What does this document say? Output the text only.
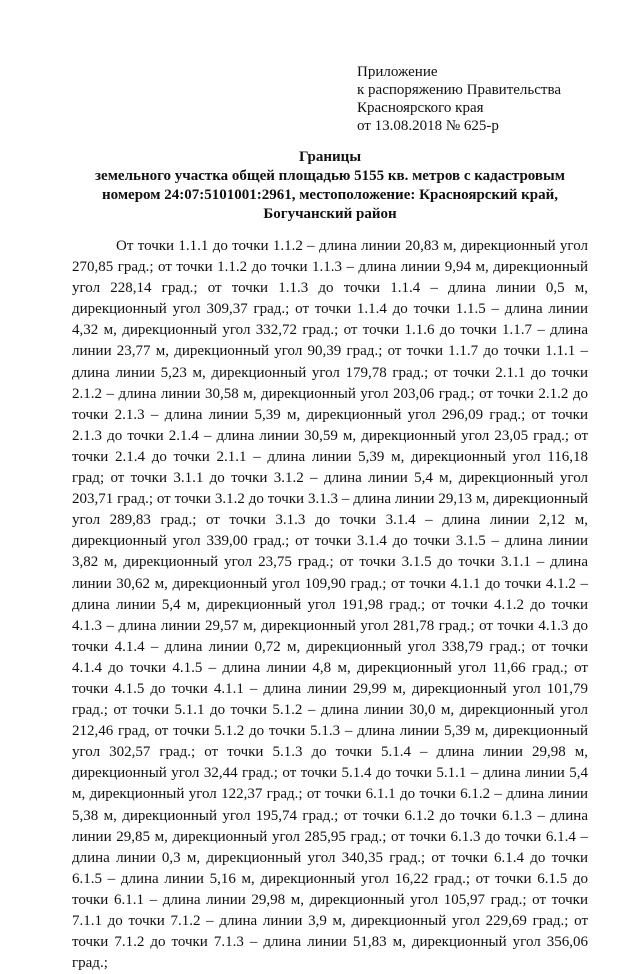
Приложение
к распоряжению Правительства
Красноярского края
от 13.08.2018 № 625-р
Границы
земельного участка общей площадью 5155 кв. метров с кадастровым
номером 24:07:5101001:2961, местоположение: Красноярский край,
Богучанский район
От точки 1.1.1 до точки 1.1.2 – длина линии 20,83 м, дирекционный угол 270,85 град.; от точки 1.1.2 до точки 1.1.3 – длина линии 9,94 м, дирекционный угол 228,14 град.; от точки 1.1.3 до точки 1.1.4 – длина линии 0,5 м, дирекционный угол 309,37 град.; от точки 1.1.4 до точки 1.1.5 – длина линии 4,32 м, дирекционный угол 332,72 град.; от точки 1.1.6 до точки 1.1.7 – длина линии 23,77 м, дирекционный угол 90,39 град.; от точки 1.1.7 до точки 1.1.1 – длина линии 5,23 м, дирекционный угол 179,78 град.; от точки 2.1.1 до точки 2.1.2 – длина линии 30,58 м, дирекционный угол 203,06 град.; от точки 2.1.2 до точки 2.1.3 – длина линии 5,39 м, дирекционный угол 296,09 град.; от точки 2.1.3 до точки 2.1.4 – длина линии 30,59 м, дирекционный угол 23,05 град.; от точки 2.1.4 до точки 2.1.1 – длина линии 5,39 м, дирекционный угол 116,18 град; от точки 3.1.1 до точки 3.1.2 – длина линии 5,4 м, дирекционный угол 203,71 град.; от точки 3.1.2 до точки 3.1.3 – длина линии 29,13 м, дирекционный угол 289,83 град.; от точки 3.1.3 до точки 3.1.4 – длина линии 2,12 м, дирекционный угол 339,00 град.; от точки 3.1.4 до точки 3.1.5 – длина линии 3,82 м, дирекционный угол 23,75 град.; от точки 3.1.5 до точки 3.1.1 – длина линии 30,62 м, дирекционный угол 109,90 град.; от точки 4.1.1 до точки 4.1.2 – длина линии 5,4 м, дирекционный угол 191,98 град.; от точки 4.1.2 до точки 4.1.3 – длина линии 29,57 м, дирекционный угол 281,78 град.; от точки 4.1.3 до точки 4.1.4 – длина линии 0,72 м, дирекционный угол 338,79 град.; от точки 4.1.4 до точки 4.1.5 – длина линии 4,8 м, дирекционный угол 11,66 град.; от точки 4.1.5 до точки 4.1.1 – длина линии 29,99 м, дирекционный угол 101,79 град.; от точки 5.1.1 до точки 5.1.2 – длина линии 30,0 м, дирекционный угол 212,46 град, от точки 5.1.2 до точки 5.1.3 – длина линии 5,39 м, дирекционный угол 302,57 град.; от точки 5.1.3 до точки 5.1.4 – длина линии 29,98 м, дирекционный угол 32,44 град.; от точки 5.1.4 до точки 5.1.1 – длина линии 5,4 м, дирекционный угол 122,37 град.; от точки 6.1.1 до точки 6.1.2 – длина линии 5,38 м, дирекционный угол 195,74 град.; от точки 6.1.2 до точки 6.1.3 – длина линии 29,85 м, дирекционный угол 285,95 град.; от точки 6.1.3 до точки 6.1.4 – длина линии 0,3 м, дирекционный угол 340,35 град.; от точки 6.1.4 до точки 6.1.5 – длина линии 5,16 м, дирекционный угол 16,22 град.; от точки 6.1.5 до точки 6.1.1 – длина линии 29,98 м, дирекционный угол 105,97 град.; от точки 7.1.1 до точки 7.1.2 – длина линии 3,9 м, дирекционный угол 229,69 град.; от точки 7.1.2 до точки 7.1.3 – длина линии 51,83 м, дирекционный угол 356,06 град.;
